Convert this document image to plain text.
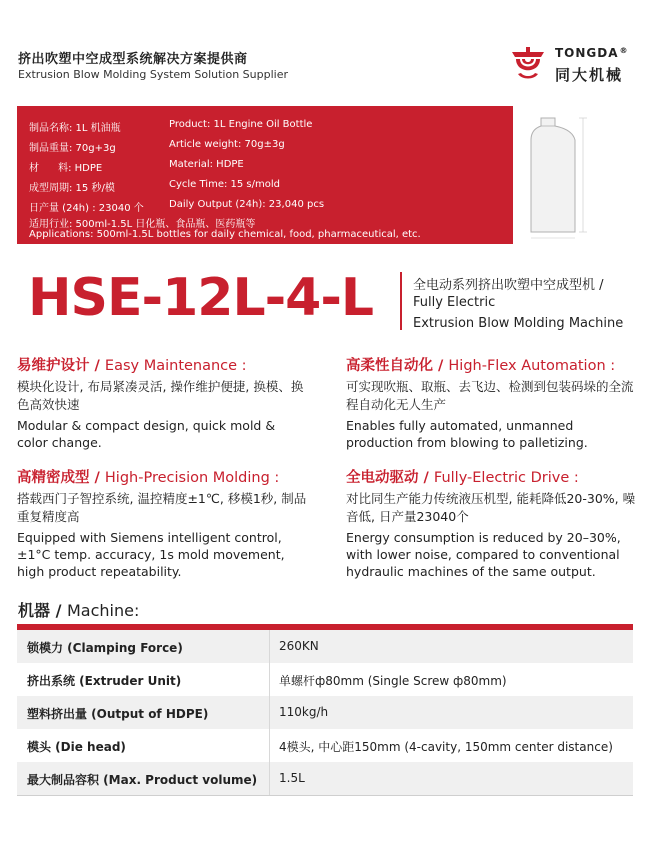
挤出吹塑中空成型系统解决方案提供商
Extrusion Blow Molding System Solution Supplier
TONGDA®
同大机械
制品名称: 1L 机油瓶	Product: 1L Engine Oil Bottle
制品重量: 70g+3g	Article weight: 70g±3g
材      料: HDPE	Material: HDPE
成型周期: 15 秒/模	Cycle Time: 15 s/mold
日产量 (24h) : 23040 个	Daily Output (24h): 23,040 pcs
适用行业: 500ml-1.5L 日化瓶、食品瓶、医药瓶等
Applications: 500ml-1.5L bottles for daily chemical, food, pharmaceutical, etc.
HSE-12L-4-L	全电动系列挤出吹塑中空成型机 /
Fully Electric
Extrusion Blow Molding Machine
易维护设计 / Easy Maintenance :
模块化设计, 布局紧凑灵活, 操作维护便捷, 换模、换色高效快速
Modular & compact design, quick mold & color change.
高柔性自动化 / High-Flex Automation :
可实现吹瓶、取瓶、去飞边、检测到包装码垛的全流程自动化无人生产
Enables fully automated, unmanned production from blowing to palletizing.
高精密成型 / High-Precision Molding :
搭载西门子智控系统, 温控精度±1℃, 移模1秒, 制品重复精度高
Equipped with Siemens intelligent control, ±1°C temp. accuracy, 1s mold movement, high product repeatability.
全电动驱动 / Fully-Electric Drive :
对比同生产能力传统液压机型, 能耗降低20-30%, 噪音低, 日产量23040个
Energy consumption is reduced by 20–30%, with lower noise, compared to conventional hydraulic machines of the same output.
机器 / Machine:
锁模力 (Clamping Force)	260KN
挤出系统 (Extruder Unit)	单螺杆ф80mm (Single Screw ф80mm)
塑料挤出量 (Output of HDPE)	110kg/h
模头 (Die head)	4模头, 中心距150mm (4-cavity, 150mm center distance)
最大制品容积 (Max. Product volume) 1.5L
